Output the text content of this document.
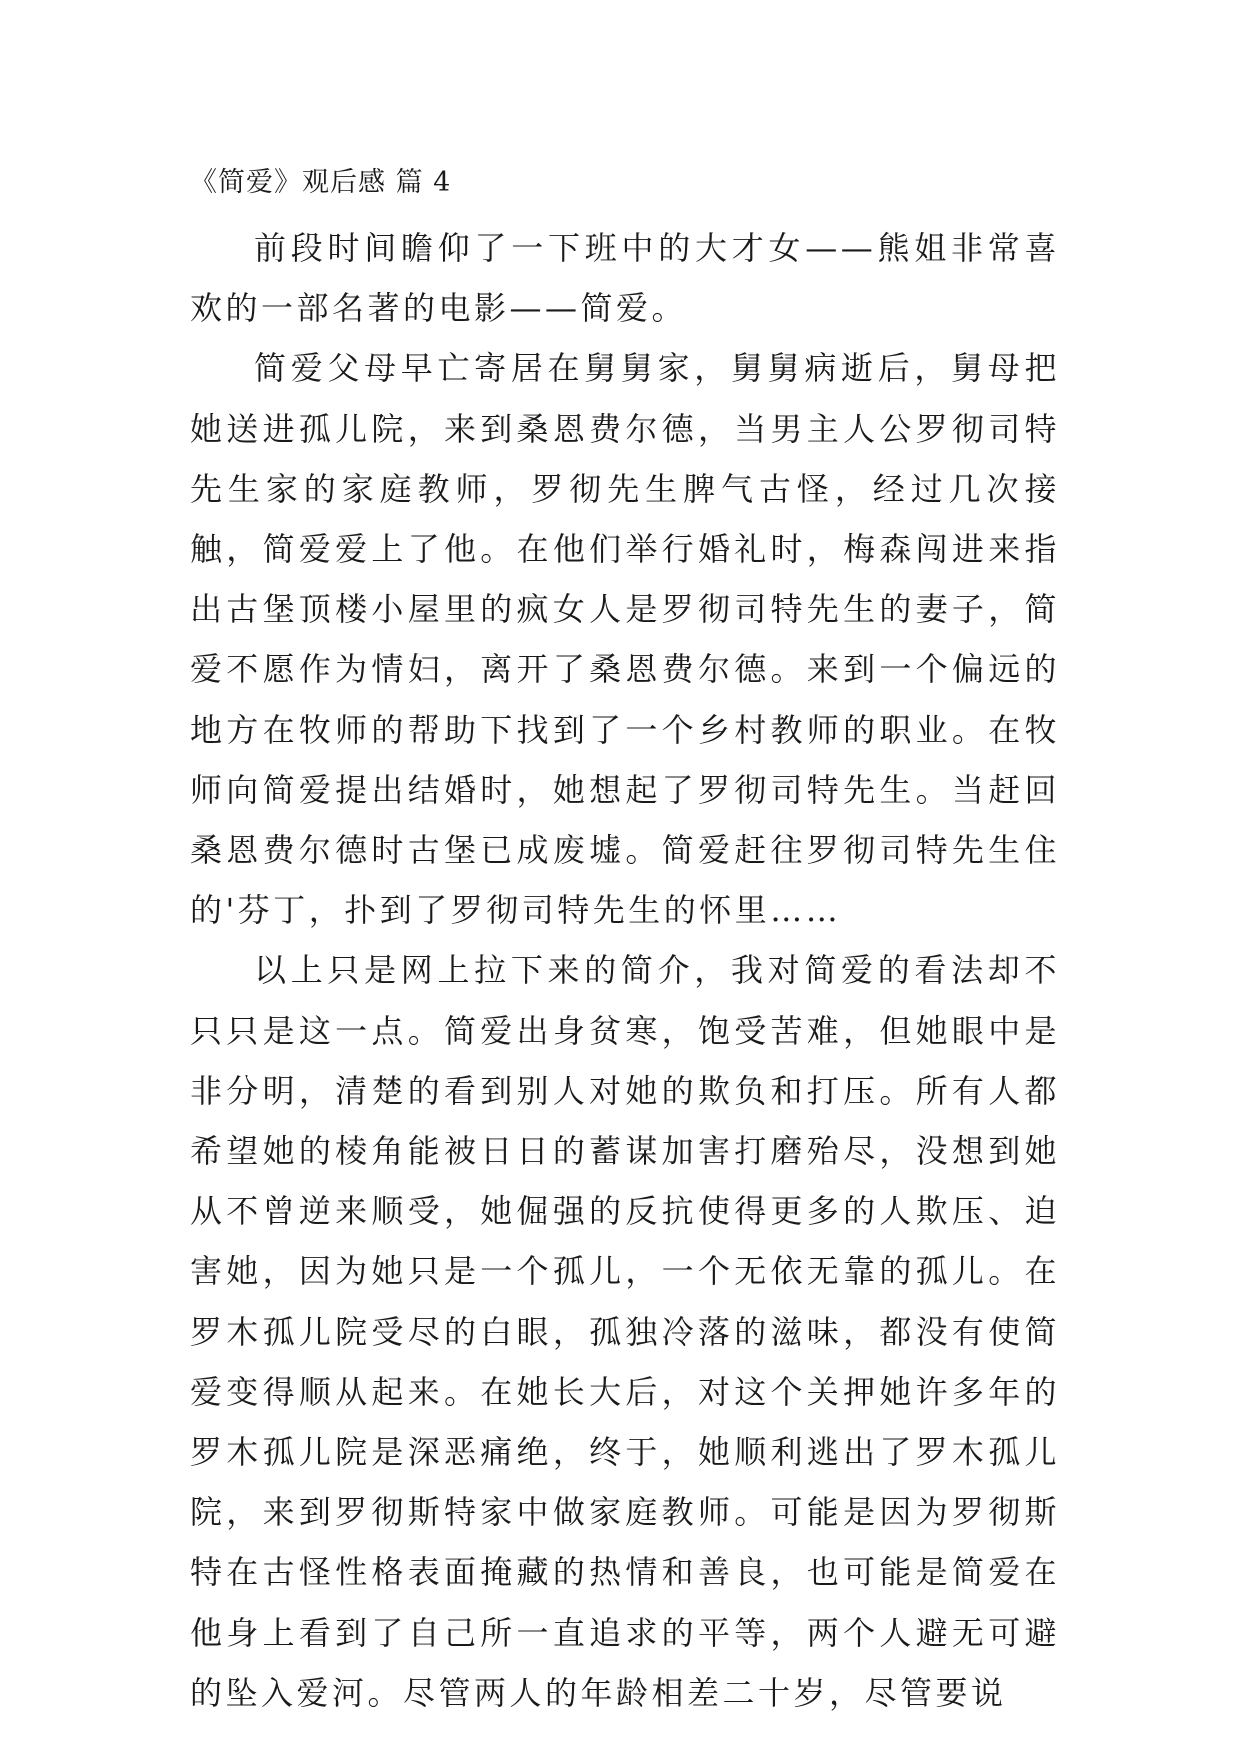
《简爱》观后感 篇 4

前段时间瞻仰了一下班中的大才女——熊姐非常喜欢的一部名著的电影——简爱。

简爱父母早亡寄居在舅舅家，舅舅病逝后，舅母把她送进孤儿院，来到桑恩费尔德，当男主人公罗彻司特先生家的家庭教师，罗彻先生脾气古怪，经过几次接触，简爱爱上了他。在他们举行婚礼时，梅森闯进来指出古堡顶楼小屋里的疯女人是罗彻司特先生的妻子，简爱不愿作为情妇，离开了桑恩费尔德。来到一个偏远的地方在牧师的帮助下找到了一个乡村教师的职业。在牧师向简爱提出结婚时，她想起了罗彻司特先生。当赶回桑恩费尔德时古堡已成废墟。简爱赶往罗彻司特先生住的'芬丁，扑到了罗彻司特先生的怀里……

以上只是网上拉下来的简介，我对简爱的看法却不只只是这一点。简爱出身贫寒，饱受苦难，但她眼中是非分明，清楚的看到别人对她的欺负和打压。所有人都希望她的棱角能被日日的蓄谋加害打磨殆尽，没想到她从不曾逆来顺受，她倔强的反抗使得更多的人欺压、迫害她，因为她只是一个孤儿，一个无依无靠的孤儿。在罗木孤儿院受尽的白眼，孤独冷落的滋味，都没有使简爱变得顺从起来。在她长大后，对这个关押她许多年的罗木孤儿院是深恶痛绝，终于，她顺利逃出了罗木孤儿院，来到罗彻斯特家中做家庭教师。可能是因为罗彻斯特在古怪性格表面掩藏的热情和善良，也可能是简爱在他身上看到了自己所一直追求的平等，两个人避无可避的坠入爱河。尽管两人的年龄相差二十岁，尽管要说
